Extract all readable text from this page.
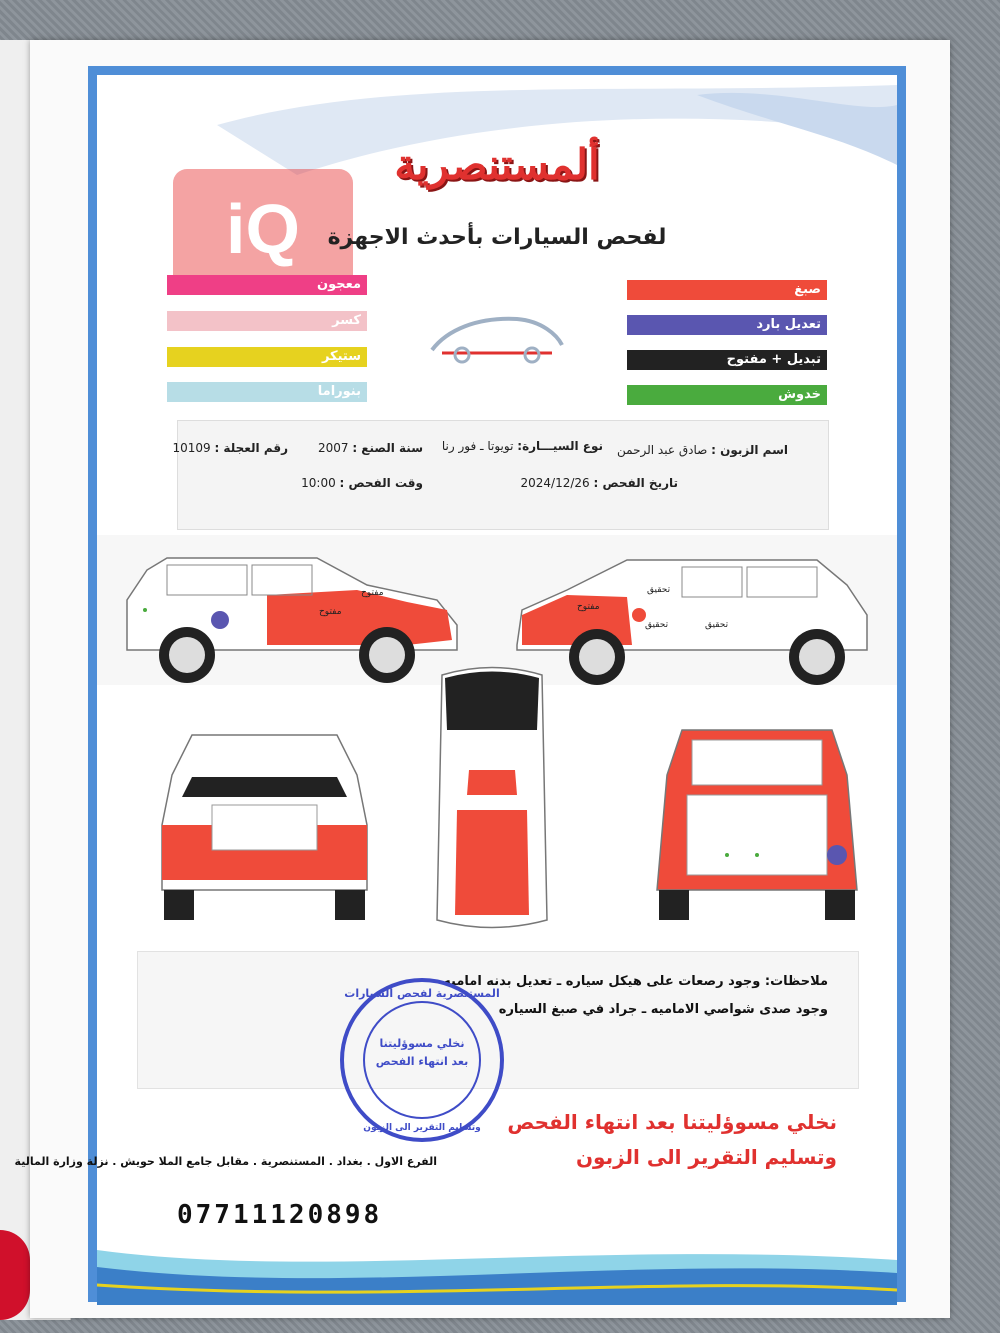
iQ
ألمستنصرية
لفحص السيارات بأحدث الاجهزة
صبغ
تعديل بارد
تبديل + مفتوح
خدوش
معجون
كسر
ستيكر
بنوراما
اسم الزبون : صادق عبد الرحمن
نوع السيـــارة: تويوتا ـ فور رنا
سنة الصنع : 2007
رقم العجلة : 10109
تاريخ الفحص : 2024/12/26
وقت الفحص : 10:00
مفتوح
مفتوح	مفتوح
تحقيق	تحقيق
تحقيق
ملاحظات: وجود رصعات على هيكل سياره ـ تعديل بدنه اماميه
وجود صدى شواصي الاماميه ـ جراد في صبغ السياره
المستنصرية لفحص السيارات
نخلي مسوؤليتنا
بعد انتهاء الفحص
وتسليم التقرير الى الزبون نخلي مسوؤليتنا بعد انتهاء الفحص
وتسليم التقرير الى الزبون
الفرع الاول . بغداد . المستنصرية . مقابل جامع الملا حويش . نزلة وزارة المالية
07711120898
